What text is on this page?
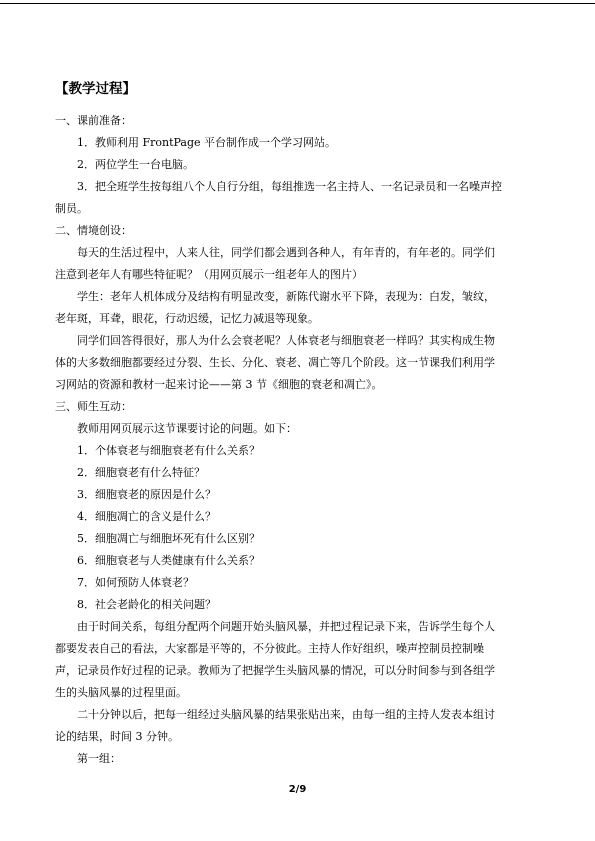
【教学过程】
一、课前准备：
1．教师利用 FrontPage 平台制作成一个学习网站。
2．两位学生一台电脑。
3．把全班学生按每组八个人自行分组，每组推选一名主持人、一名记录员和一名噪声控
制员。
二、情境创设：
每天的生活过程中，人来人往，同学们都会遇到各种人，有年青的，有年老的。同学们
注意到老年人有哪些特征呢？（用网页展示一组老年人的图片）
学生：老年人机体成分及结构有明显改变，新陈代谢水平下降，表现为：白发，皱纹，
老年斑，耳聋，眼花，行动迟缓，记忆力减退等现象。
同学们回答得很好，那人为什么会衰老呢？人体衰老与细胞衰老一样吗？其实构成生物
体的大多数细胞都要经过分裂、生长、分化、衰老、凋亡等几个阶段。这一节课我们利用学
习网站的资源和教材一起来讨论——第 3 节《细胞的衰老和凋亡》。
三、师生互动：
教师用网页展示这节课要讨论的问题。如下：
1．个体衰老与细胞衰老有什么关系？
2．细胞衰老有什么特征？
3．细胞衰老的原因是什么？
4．细胞凋亡的含义是什么？
5．细胞凋亡与细胞坏死有什么区别？
6．细胞衰老与人类健康有什么关系？
7．如何预防人体衰老？
8．社会老龄化的相关问题？
由于时间关系，每组分配两个问题开始头脑风暴，并把过程记录下来，告诉学生每个人
都要发表自己的看法，大家都是平等的，不分彼此。主持人作好组织，噪声控制员控制噪
声，记录员作好过程的记录。教师为了把握学生头脑风暴的情况，可以分时间参与到各组学
生的头脑风暴的过程里面。
二十分钟以后，把每一组经过头脑风暴的结果张贴出来，由每一组的主持人发表本组讨
论的结果，时间 3 分钟。
第一组：
2/9
